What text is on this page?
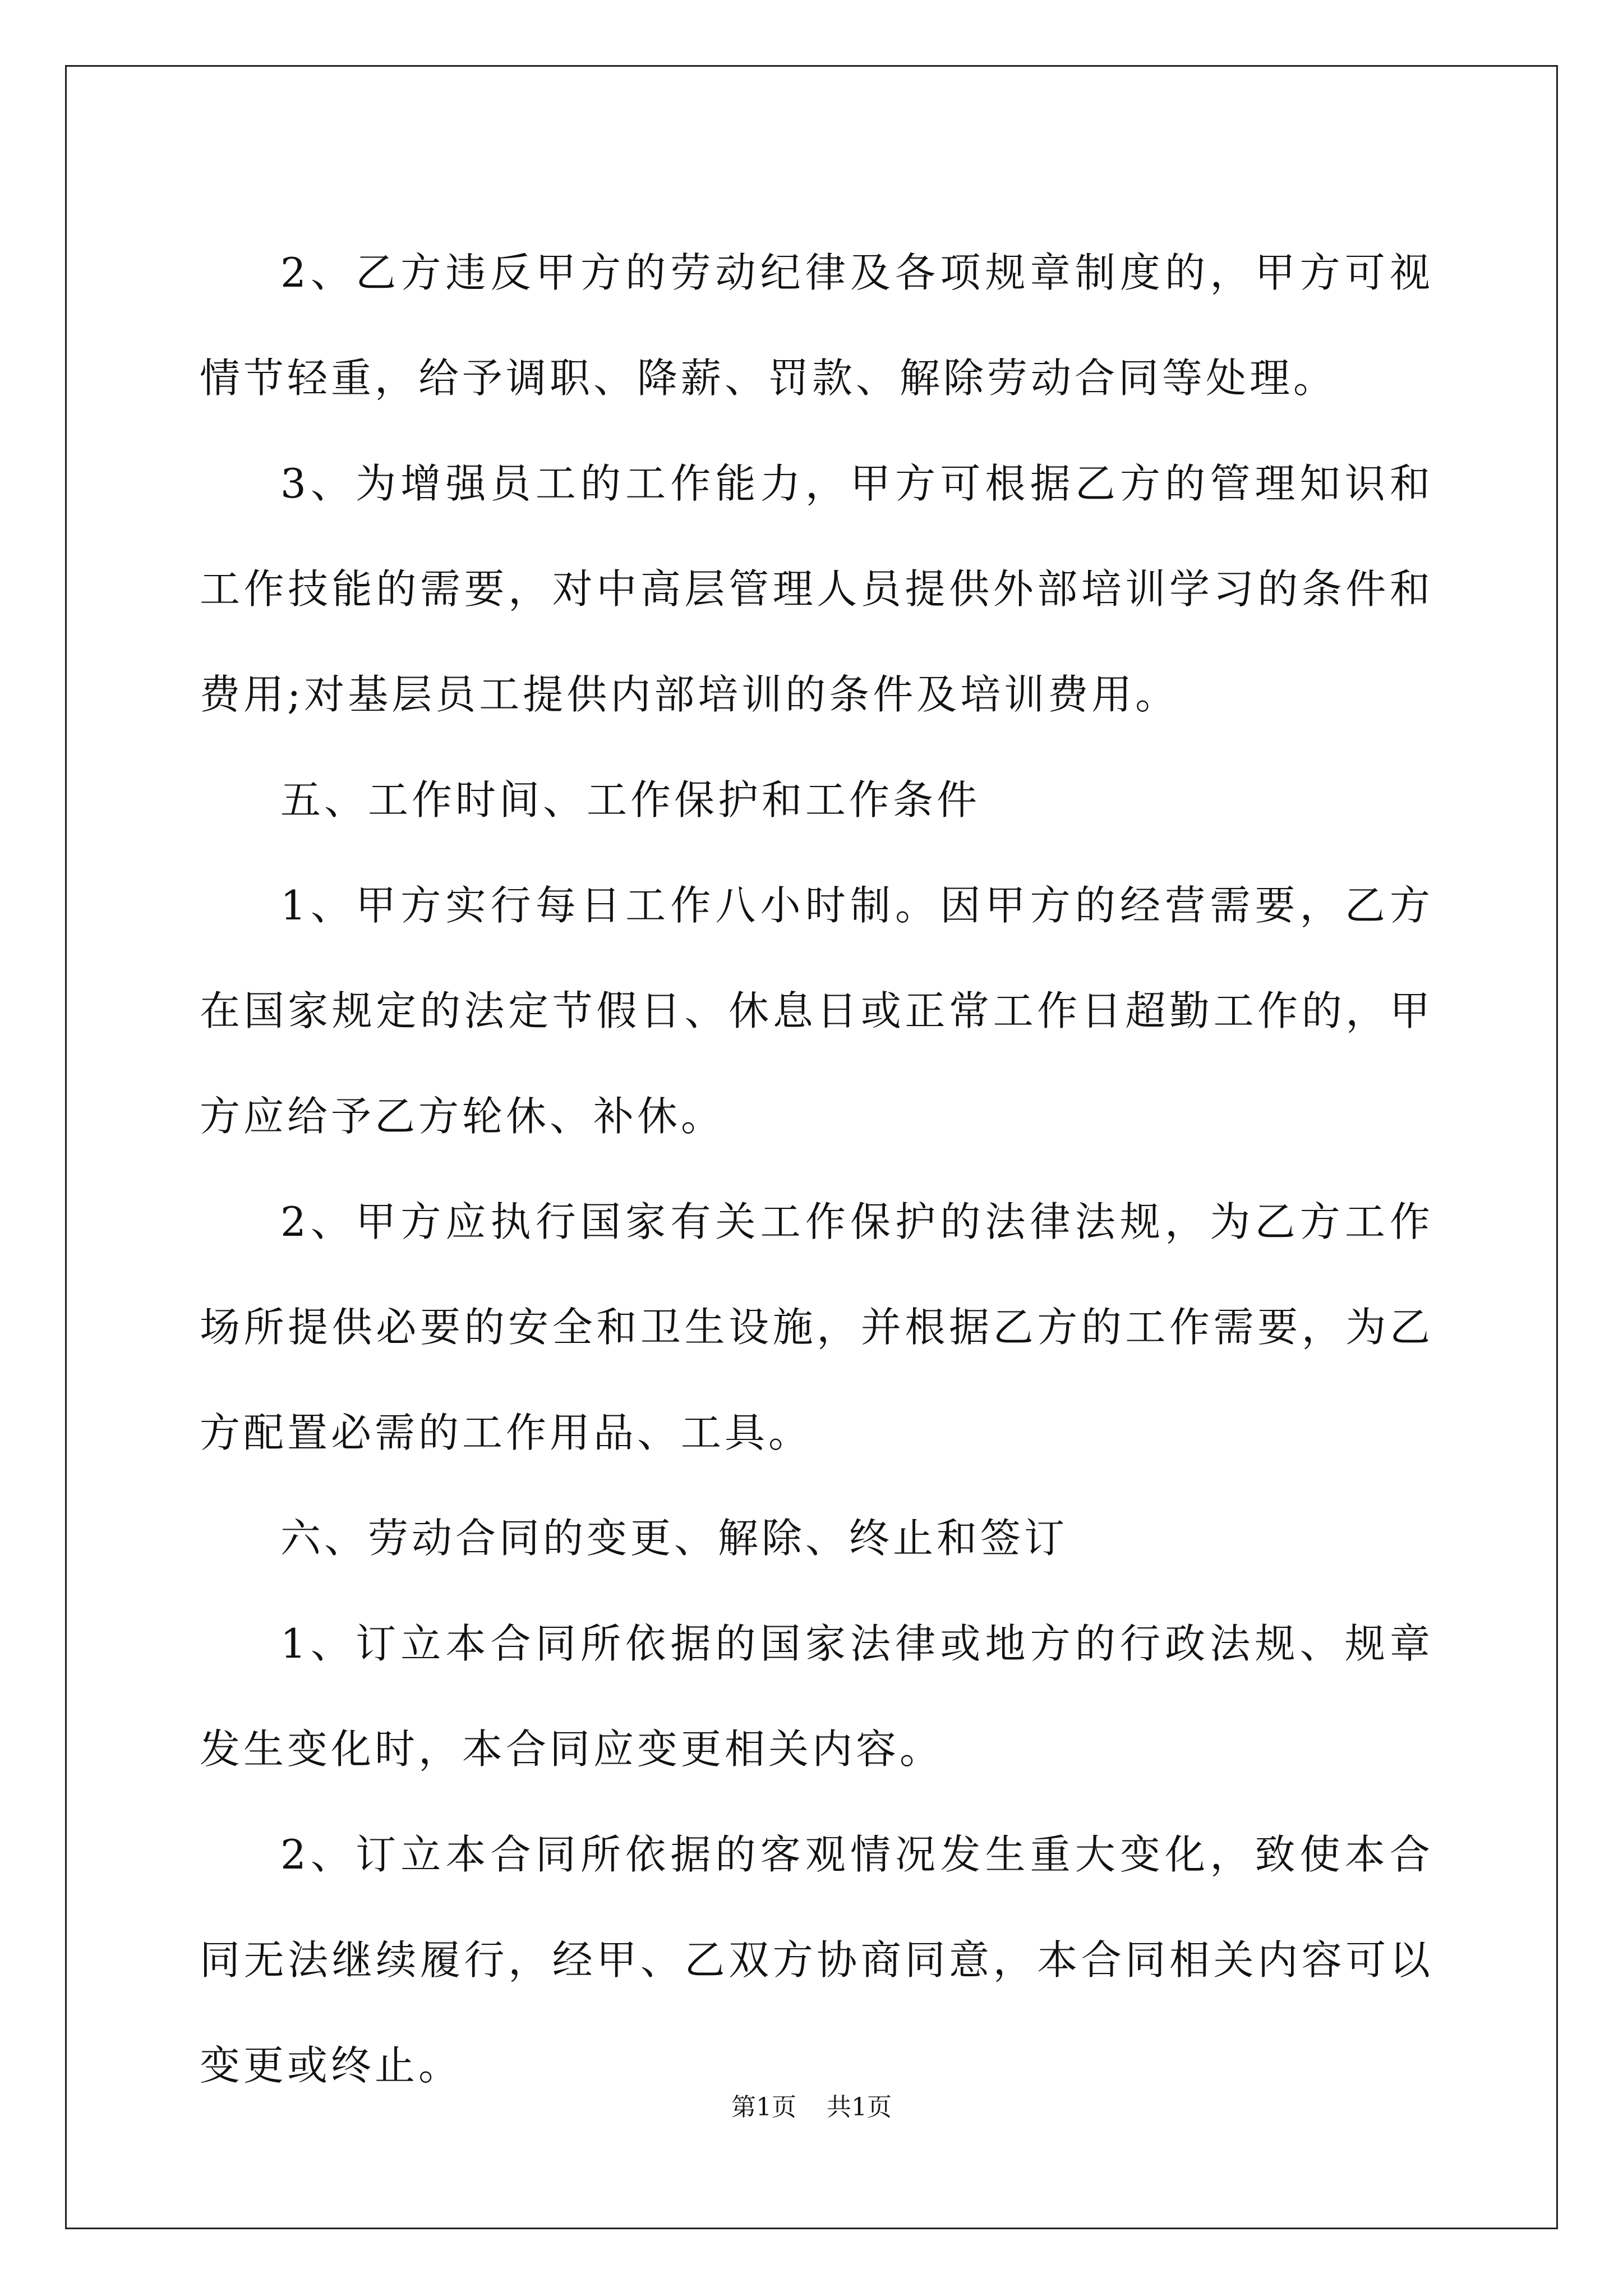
2、乙方违反甲方的劳动纪律及各项规章制度的，甲方可视情节轻重，给予调职、降薪、罚款、解除劳动合同等处理。

3、为增强员工的工作能力，甲方可根据乙方的管理知识和工作技能的需要，对中高层管理人员提供外部培训学习的条件和费用;对基层员工提供内部培训的条件及培训费用。

五、工作时间、工作保护和工作条件

1、甲方实行每日工作八小时制。因甲方的经营需要，乙方在国家规定的法定节假日、休息日或正常工作日超勤工作的，甲方应给予乙方轮休、补休。

2、甲方应执行国家有关工作保护的法律法规，为乙方工作场所提供必要的安全和卫生设施，并根据乙方的工作需要，为乙方配置必需的工作用品、工具。

六、劳动合同的变更、解除、终止和签订

1、订立本合同所依据的国家法律或地方的行政法规、规章发生变化时，本合同应变更相关内容。

2、订立本合同所依据的客观情况发生重大变化，致使本合同无法继续履行，经甲、乙双方协商同意，本合同相关内容可以变更或终止。

第1页 共1页
